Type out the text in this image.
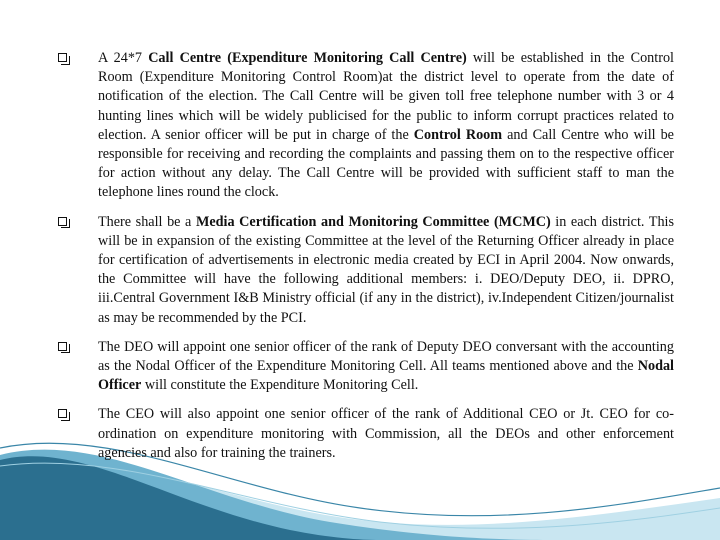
A 24*7 Call Centre (Expenditure Monitoring Call Centre) will be established in the Control Room (Expenditure Monitoring Control Room)at the district level to operate from the date of notification of the election. The Call Centre will be given toll free telephone number with 3 or 4 hunting lines which will be widely publicised for the public to inform corrupt practices related to election. A senior officer will be put in charge of the Control Room and Call Centre who will be responsible for receiving and recording the complaints and passing them on to the respective officer for action without any delay. The Call Centre will be provided with sufficient staff to man the telephone lines round the clock.
There shall be a Media Certification and Monitoring Committee (MCMC) in each district. This will be in expansion of the existing Committee at the level of the Returning Officer already in place for certification of advertisements in electronic media created by ECI in April 2004. Now onwards, the Committee will have the following additional members: i. DEO/Deputy DEO, ii. DPRO, iii.Central Government I&B Ministry official (if any in the district), iv.Independent Citizen/journalist as may be recommended by the PCI.
The DEO will appoint one senior officer of the rank of Deputy DEO conversant with the accounting as the Nodal Officer of the Expenditure Monitoring Cell. All teams mentioned above and the Nodal Officer will constitute the Expenditure Monitoring Cell.
The CEO will also appoint one senior officer of the rank of Additional CEO or Jt. CEO for co-ordination on expenditure monitoring with Commission, all the DEOs and other enforcement agencies and also for training the trainers.
